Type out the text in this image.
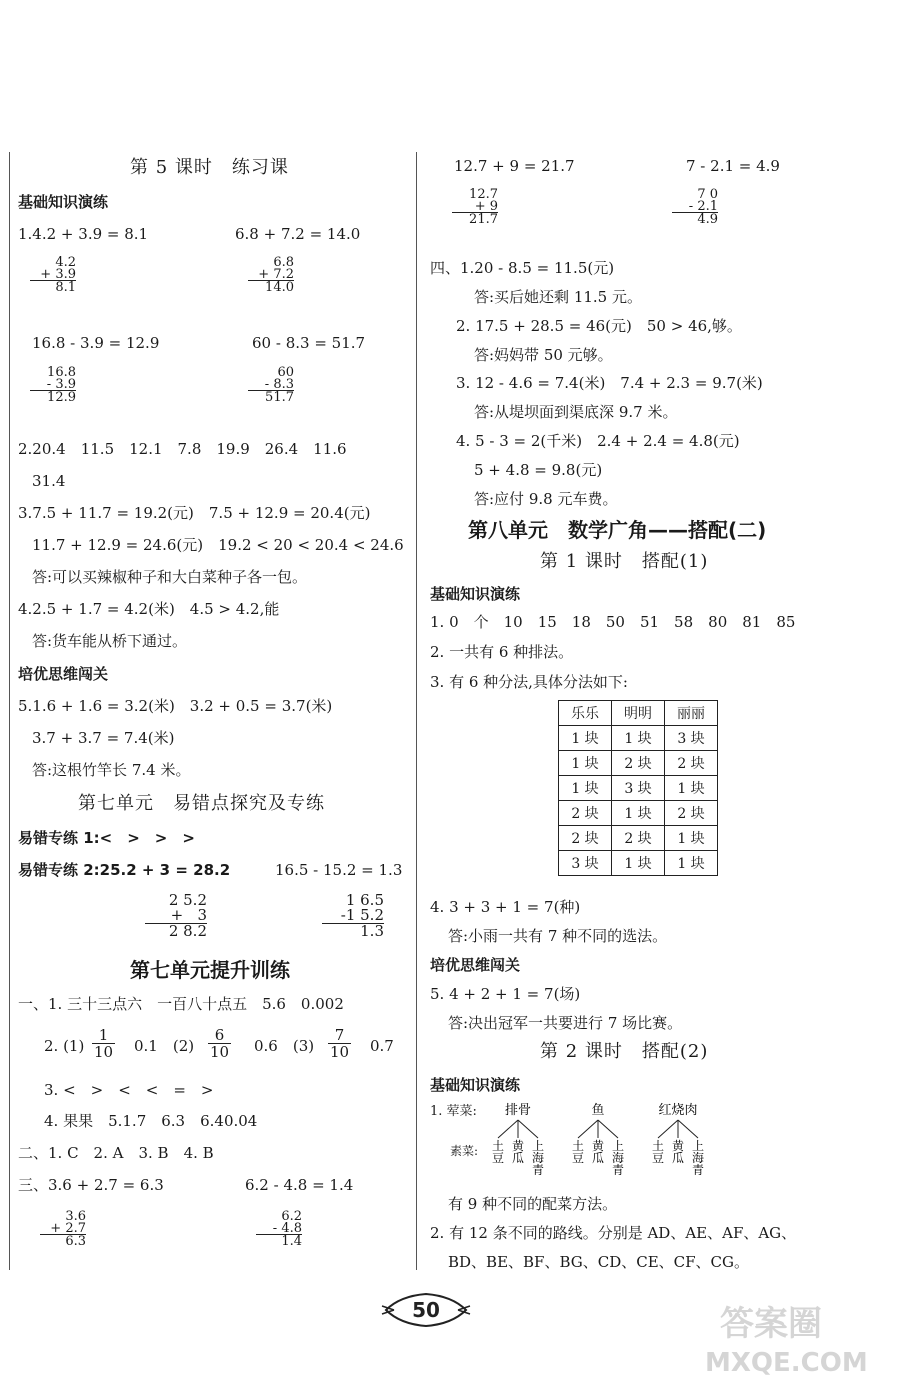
第 5 课时　练习课
基础知识演练
1.4.2 + 3.9 = 8.1	6.8 + 7.2 = 14.0
4.2
+ 3.9
8.1
6.8
+ 7.2
14.0
16.8 - 3.9 = 12.9	60 - 8.3 = 51.7
16.8
- 3.9
12.9
60
- 8.3
51.7
2.20.4　11.5　12.1　7.8　19.9　26.4　11.6
31.4
3.7.5 + 11.7 = 19.2(元)　7.5 + 12.9 = 20.4(元)
11.7 + 12.9 = 24.6(元)　19.2 < 20 < 20.4 < 24.6
答:可以买辣椒种子和大白菜种子各一包。
4.2.5 + 1.7 = 4.2(米)　4.5 > 4.2,能
答:货车能从桥下通过。
培优思维闯关
5.1.6 + 1.6 = 3.2(米)　3.2 + 0.5 = 3.7(米)
3.7 + 3.7 = 7.4(米)
答:这根竹竿长 7.4 米。
第七单元　易错点探究及专练
易错专练 1:<　>　>　>
易错专练 2:25.2 + 3 = 28.2	16.5 - 15.2 = 1.3
2 5.2
+   3
2 8.2
1 6.5
-1 5.2
1.3
第七单元提升训练
一、1. 三十三点六　一百八十点五　5.6　0.002
2. $(1) \frac{1}{10} 0.1$　$(2) \frac{6}{10} 0.6$　$(3) \frac{7}{10} 0.7$
3. <　>　<　<　=　>
4. 果果　5.1.7　6.3　6.40.04
二、1. C　2. A　3. B　4. B
三、3.6 + 2.7 = 6.3	6.2 - 4.8 = 1.4
3.6
+ 2.7
6.3
6.2
- 4.8
1.4
12.7 + 9 = 21.7	7 - 2.1 = 4.9
12.7
+ 9
21.7
7 0
- 2.1
4.9
四、1.20 - 8.5 = 11.5(元)
答:买后她还剩 11.5 元。
2. 17.5 + 28.5 = 46(元)　50 > 46,够。
答:妈妈带 50 元够。
3. 12 - 4.6 = 7.4(米)　7.4 + 2.3 = 9.7(米)
答:从堤坝面到渠底深 9.7 米。
4. 5 - 3 = 2(千米)　2.4 + 2.4 = 4.8(元)
5 + 4.8 = 9.8(元)
答:应付 9.8 元车费。
第八单元　数学广角——搭配(二)
第 1 课时　搭配(1)
基础知识演练
1. 0　个　10　15　18　50　51　58　80　81　85
2. 一共有 6 种排法。
3. 有 6 种分法,具体分法如下:
乐乐	明明	丽丽
1 块	1 块	3 块
1 块	2 块	2 块
1 块	3 块	1 块
2 块	1 块	2 块
2 块	2 块	1 块
3 块	1 块	1 块
4. 3 + 3 + 1 = 7(种)
答:小雨一共有 7 种不同的选法。
培优思维闯关
5. 4 + 2 + 1 = 7(场)
答:决出冠军一共要进行 7 场比赛。
第 2 课时　搭配(2)
基础知识演练
1. 荤菜:
素菜:
排骨
土
豆
黄
瓜
上
海
青
鱼
土
豆
黄
瓜
上
海
青
红烧肉
土
豆
黄
瓜
上
海
青
有 9 种不同的配菜方法。
2. 有 12 条不同的路线。分别是 AD、AE、AF、AG、
BD、BE、BF、BG、CD、CE、CF、CG。
50	答案圈
MXQE.COM
